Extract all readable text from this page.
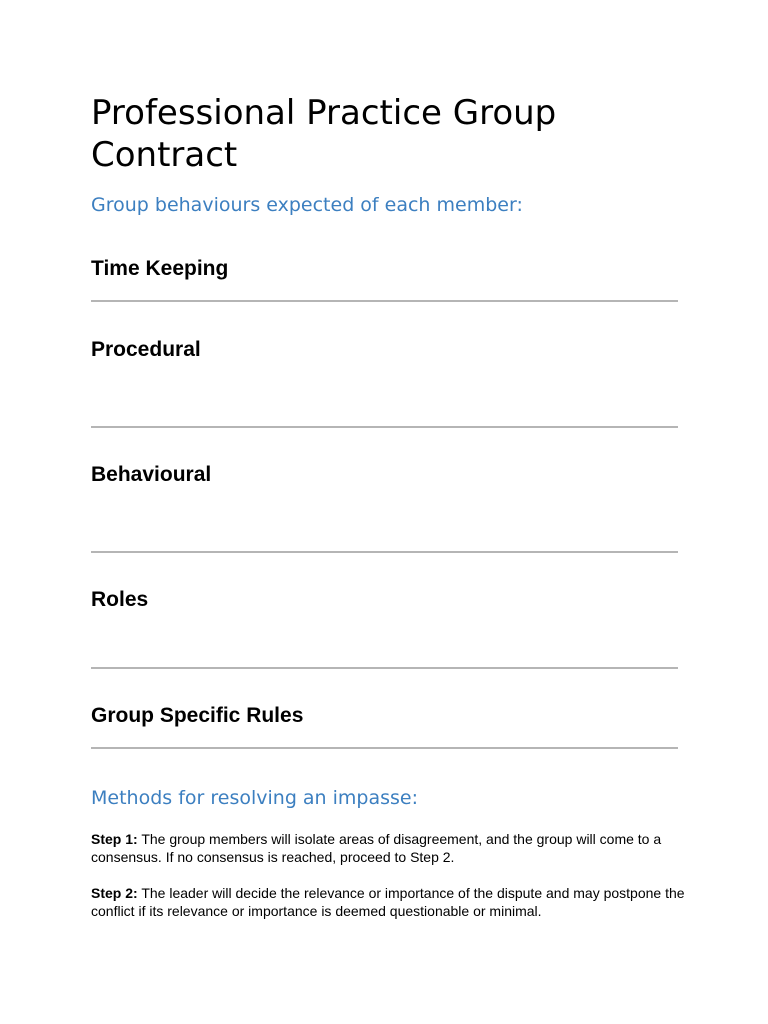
Professional Practice Group Contract
Group behaviours expected of each member:
Time Keeping
Procedural
Behavioural
Roles
Group Specific Rules
Methods for resolving an impasse:

Step 1: The group members will isolate areas of disagreement, and the group will come to a consensus. If no consensus is reached, proceed to Step 2.

Step 2: The leader will decide the relevance or importance of the dispute and may postpone the conflict if its relevance or importance is deemed questionable or minimal.
